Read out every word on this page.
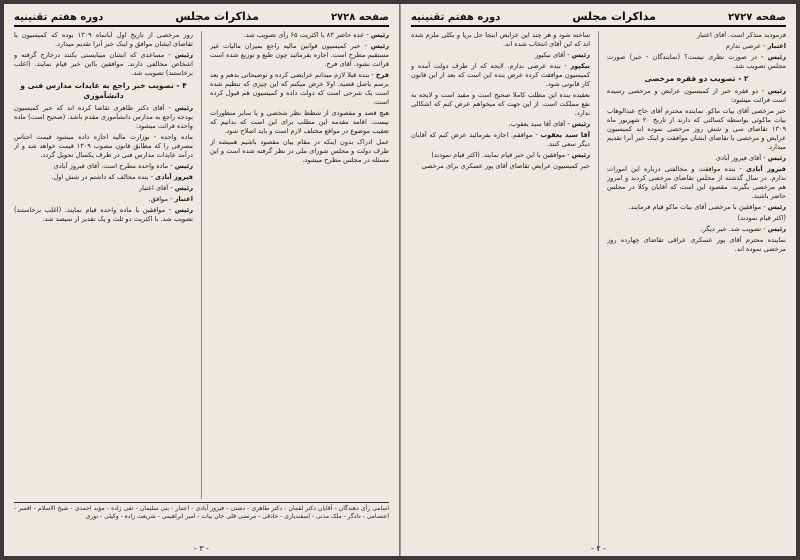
صفحه ۲۷۲۸
مذاکرات مجلس
دوره هفتم تقنینیه

رئیس - عده حاضر ۸۳ با اکثریت ۶۵ رأی تصویب شد.

رئیس - خبر کمیسیون قوانین مالیه راجع بمیزان مالیات غیر مستقیم مطرح است. اجازه بفرمائید چون طبع و توزیع شده است قرائت نشود. آقای فرخ.

فرخ - بنده قبلا لازم میدانم عرایضی کرده و توضیحاتی بدهم و بعد برسم باصل قضیه. اولا عرض میکنم که این چیزی که تنظیم شده است یک شرحی است که دولت داده و کمیسیون هم قبول کرده است.

هیچ قصد و مقصودی از شطط نظر شخصی و یا سایر منظورات نیست. اقامه مقدمه این مطلب برای این است که بدانیم که تعقیب موضوع در مواقع مختلف لازم است و باید اصلاح شود.

عمل ادراک بدون اینکه در مقام بیان مقصود باشیم همیشه از طرف دولت و مجلس شورای ملی در نظر گرفته شده است و این مسئله در مجلس مطرح میشود.

روز مرخصی از تاریخ اول آبانماه ۱۳۰۹ بوده که کمیسیون با تقاضای ایشان موافق و اینک خبر آنرا تقدیم میدارد.

رئیس - مساعدی که ایشان میبایستی بکنند درخارج گرفته و اشخاص مخالفی دارند. موافقین بااین خبر قیام نمایند. (اغلب برخاستند) تصویب شد.

۴ - تصویب خبر راجع به عایدات مدارس فنی و دانشآموزی

رئیس - آقای دکتر طاهری تقاضا کرده اند که خبر کمیسیون بودجه راجع به مدارس دانشآموزی مقدم باشد. (صحیح است) ماده واحده قرائت میشود:

ماده واحده - بوزارت مالیه اجازه داده میشود قیمت اجناس مصرفی را که مطابق قانون مصوب ۱۳۰۹ قیمت خواهد شد و از درآمد عایدات مدارس فنی در ظرف یکسال تحویل گردد.

رئیس - ماده واحده مطرح است. آقای فیروز آبادی

فیروز آبادی - بنده مخالف که داشتم در شش اول.

رئیس - آقای اعتبار

اعتبار - موافق.

رئیس - موافقین با ماده واحده قیام نمایند. (اغلب برخاستند) تصویب شد. با اکثریت دو ثلث و یک تقدیر از سیصد شد.

اسامی رأی دهندگان - آقایان دکتر لقمان - دکتر طاهری - دشتی - فیروز آبادی - اعتبار - بنی سلیمان - تقی زاده - مؤید احمدی - شیخ الاسلام - افسر - اعتصامی - دادگر - ملک مدنی - اسفندیاری - حاذقی - مرتضی قلی خان بیات - امیر ابراهیمی - شریعت زاده - وکیلی - نوری
- ۳ -
صفحه ۲۷۲۷
مذاکرات مجلس
دوره هفتم تقنینیه

فرمودید متذکر است. آقای اعتبار

اعتبار - عرضی ندارم

رئیس - در صورت نظری نیست؟ (نمایندگان - خیر) صورت مجلس تصویب شد.

۲ - تصویب دو فقره مرخصی

رئیس - دو فقره خبر از کمیسیون عرایض و مرخصی رسیده است قرائت میشود:

خبر مرخصی آقای بیات ماکو. نماینده محترم آقای حاج عبدالوهاب بیات ماکوئی بواسطه کسالتی که دارند از تاریخ ۲۰ شهریور ماه ۱۳۰۹ تقاضای سی و شش روز مرخصی نموده اند کمیسیون عرایض و مرخصی با تقاضای ایشان موافقت و اینک خبر آنرا تقدیم میدارد.

رئیس - آقای فیروز آبادی

فیروز آبادی - بنده موافقت و مخالفتی درباره این امورات ندارم. در سال گذشته از مجلس تقاضای مرخصی کردند و امروز هم مرخصی بگیرند، مقصود این است که آقایان وکلا در مجلس حاضر باشند.

رئیس - موافقین با مرخصی آقای بیات ماکو قیام فرمایند.

(اکثر قیام نمودند)

رئیس - تصویب شد. خبر دیگر.

نماینده محترم آقای پور عسکری عراقی تقاضای چهارده روز مرخصی نموده اند.

ساخته شود و هر چند این عرایض اینجا حل بریا و بکلی ملزم شده اند که این آقای انتخاب شده اند.

رئیس - آقای نیکپور

نیکپور - بنده عرضی ندارم. لایحه که از طرف دولت آمده و کمیسیون موافقت کرده عرض بنده این است که بعد از این قانون کار قانونی شود.

بعقیده بنده این مطلب کاملا صحیح است و مفید است و لایحه به نفع مملکت است. از این جهت که میخواهم عرض کنم که اشکالی ندارد.

رئیس - آقای آقا سید یعقوب.

آقا سید یعقوب - موافقم. اجازه بفرمائید عرض کنم که آقایان دیگر سعی کنند.

رئیس - موافقین با این خبر قیام نمایند. (اکثر قیام نمودند)

خبر کمیسیون عرایض تقاضای آقای پور عسکری برای مرخصی

- ۲ -
